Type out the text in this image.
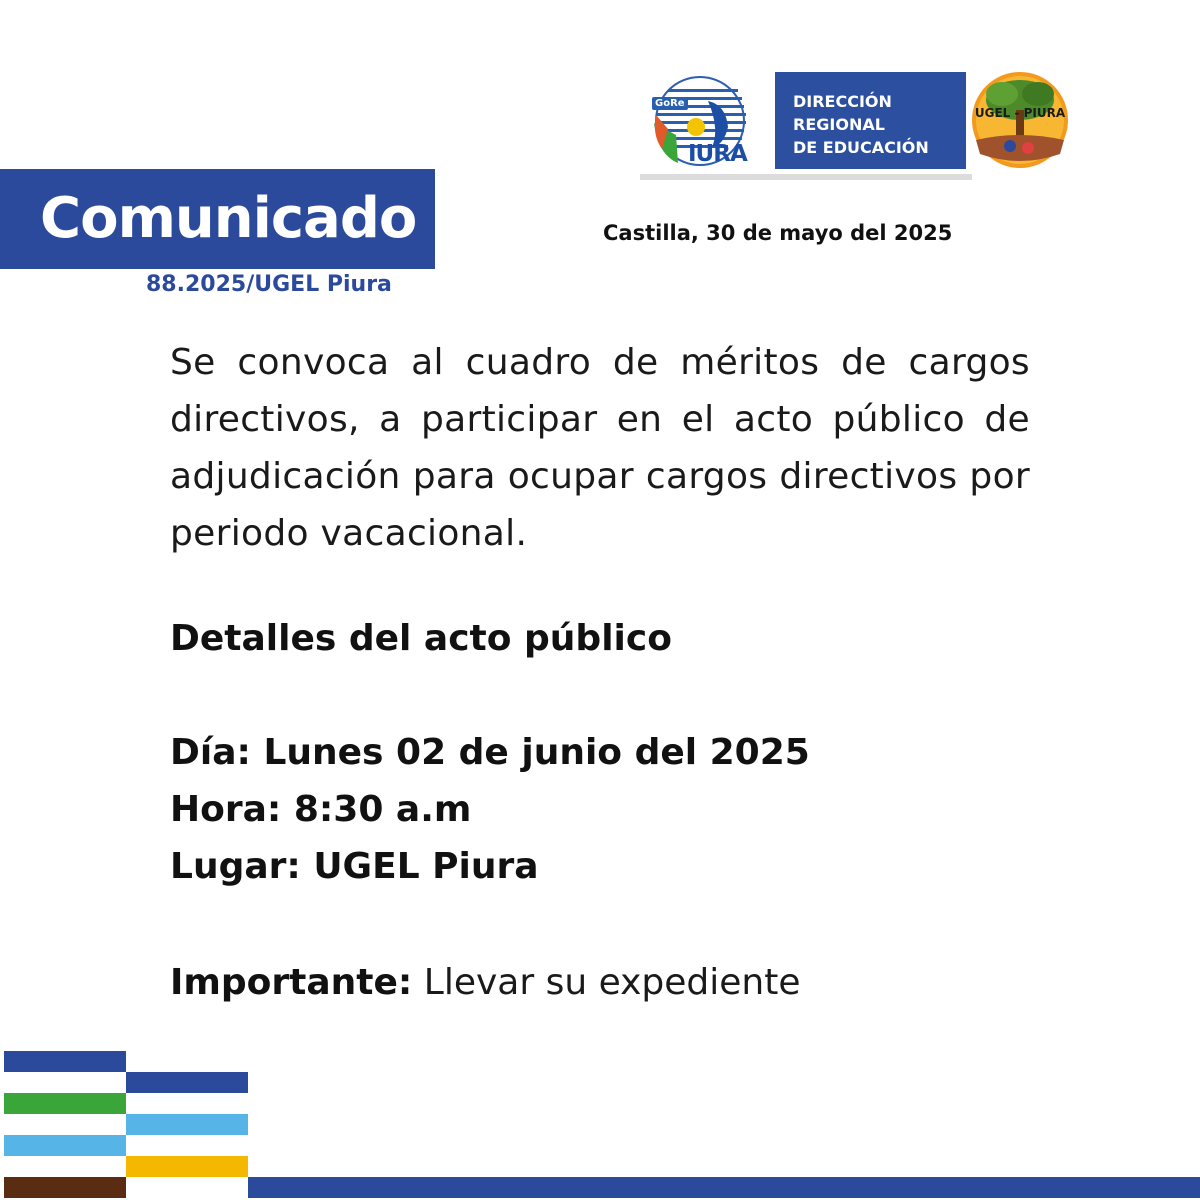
GoRe
IURA
DIRECCIÓN
REGIONAL
DE EDUCACIÓN
UGEL - PIURA
Comunicado
88.2025/UGEL Piura
Castilla, 30 de mayo del 2025
Se convoca al cuadro de méritos de cargos directivos, a participar en el acto público de adjudicación para ocupar cargos directivos por periodo vacacional.
Detalles del acto público
Día: Lunes 02 de junio del 2025
Hora: 8:30 a.m
Lugar: UGEL Piura
Importante: Llevar su expediente
